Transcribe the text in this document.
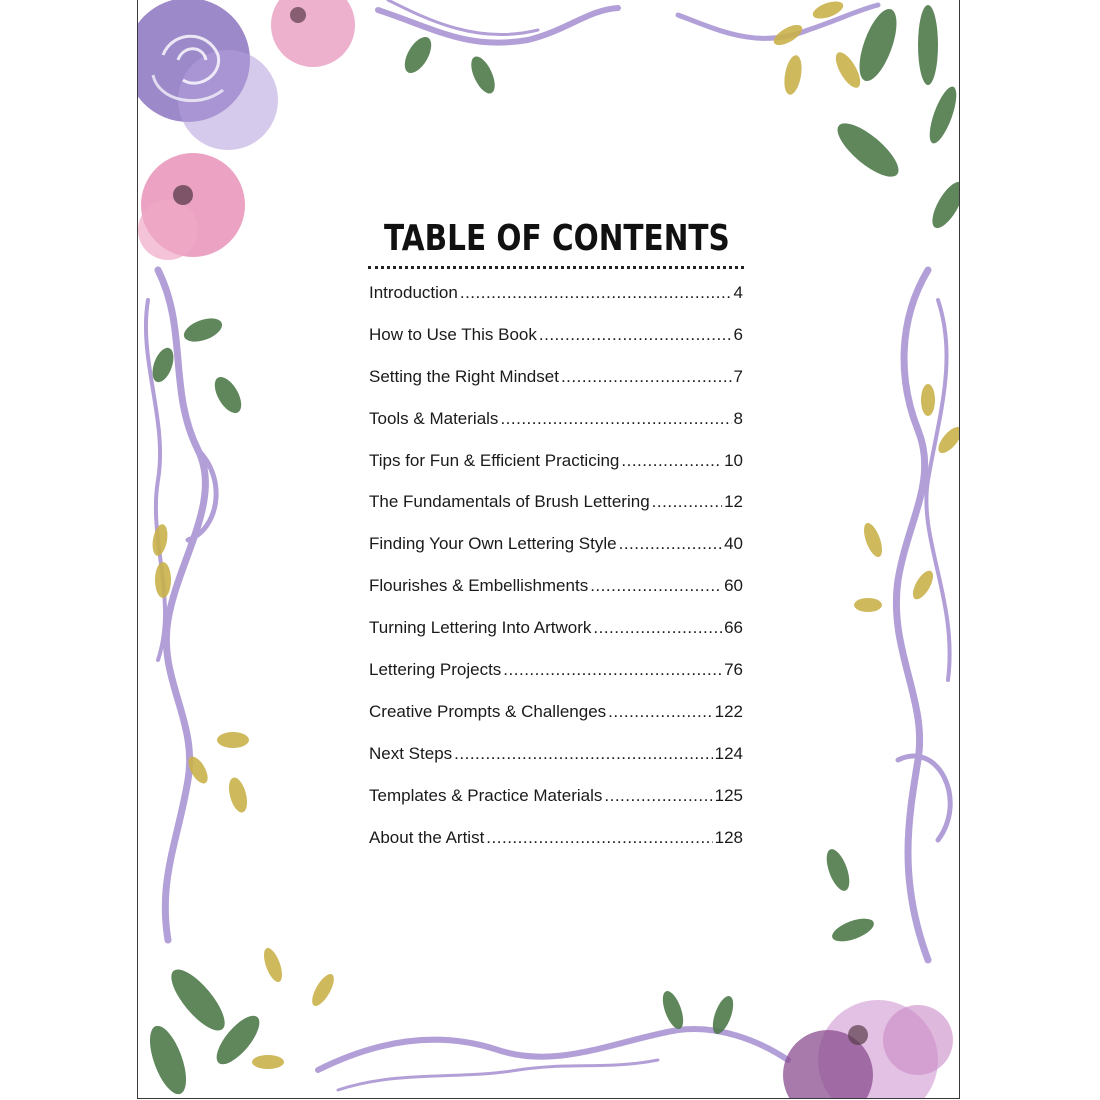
TABLE OF CONTENTS
Introduction .....	4
How to Use This Book .....	6
Setting the Right Mindset .....	7
Tools & Materials .....	8
Tips for Fun & Efficient Practicing .....	10
The Fundamentals of Brush Lettering .....	12
Finding Your Own Lettering Style .....	40
Flourishes & Embellishments .....	60
Turning Lettering Into Artwork .....	66
Lettering Projects .....	76
Creative Prompts & Challenges .....	122
Next Steps .....	124
Templates & Practice Materials .....	125
About the Artist .....	128
